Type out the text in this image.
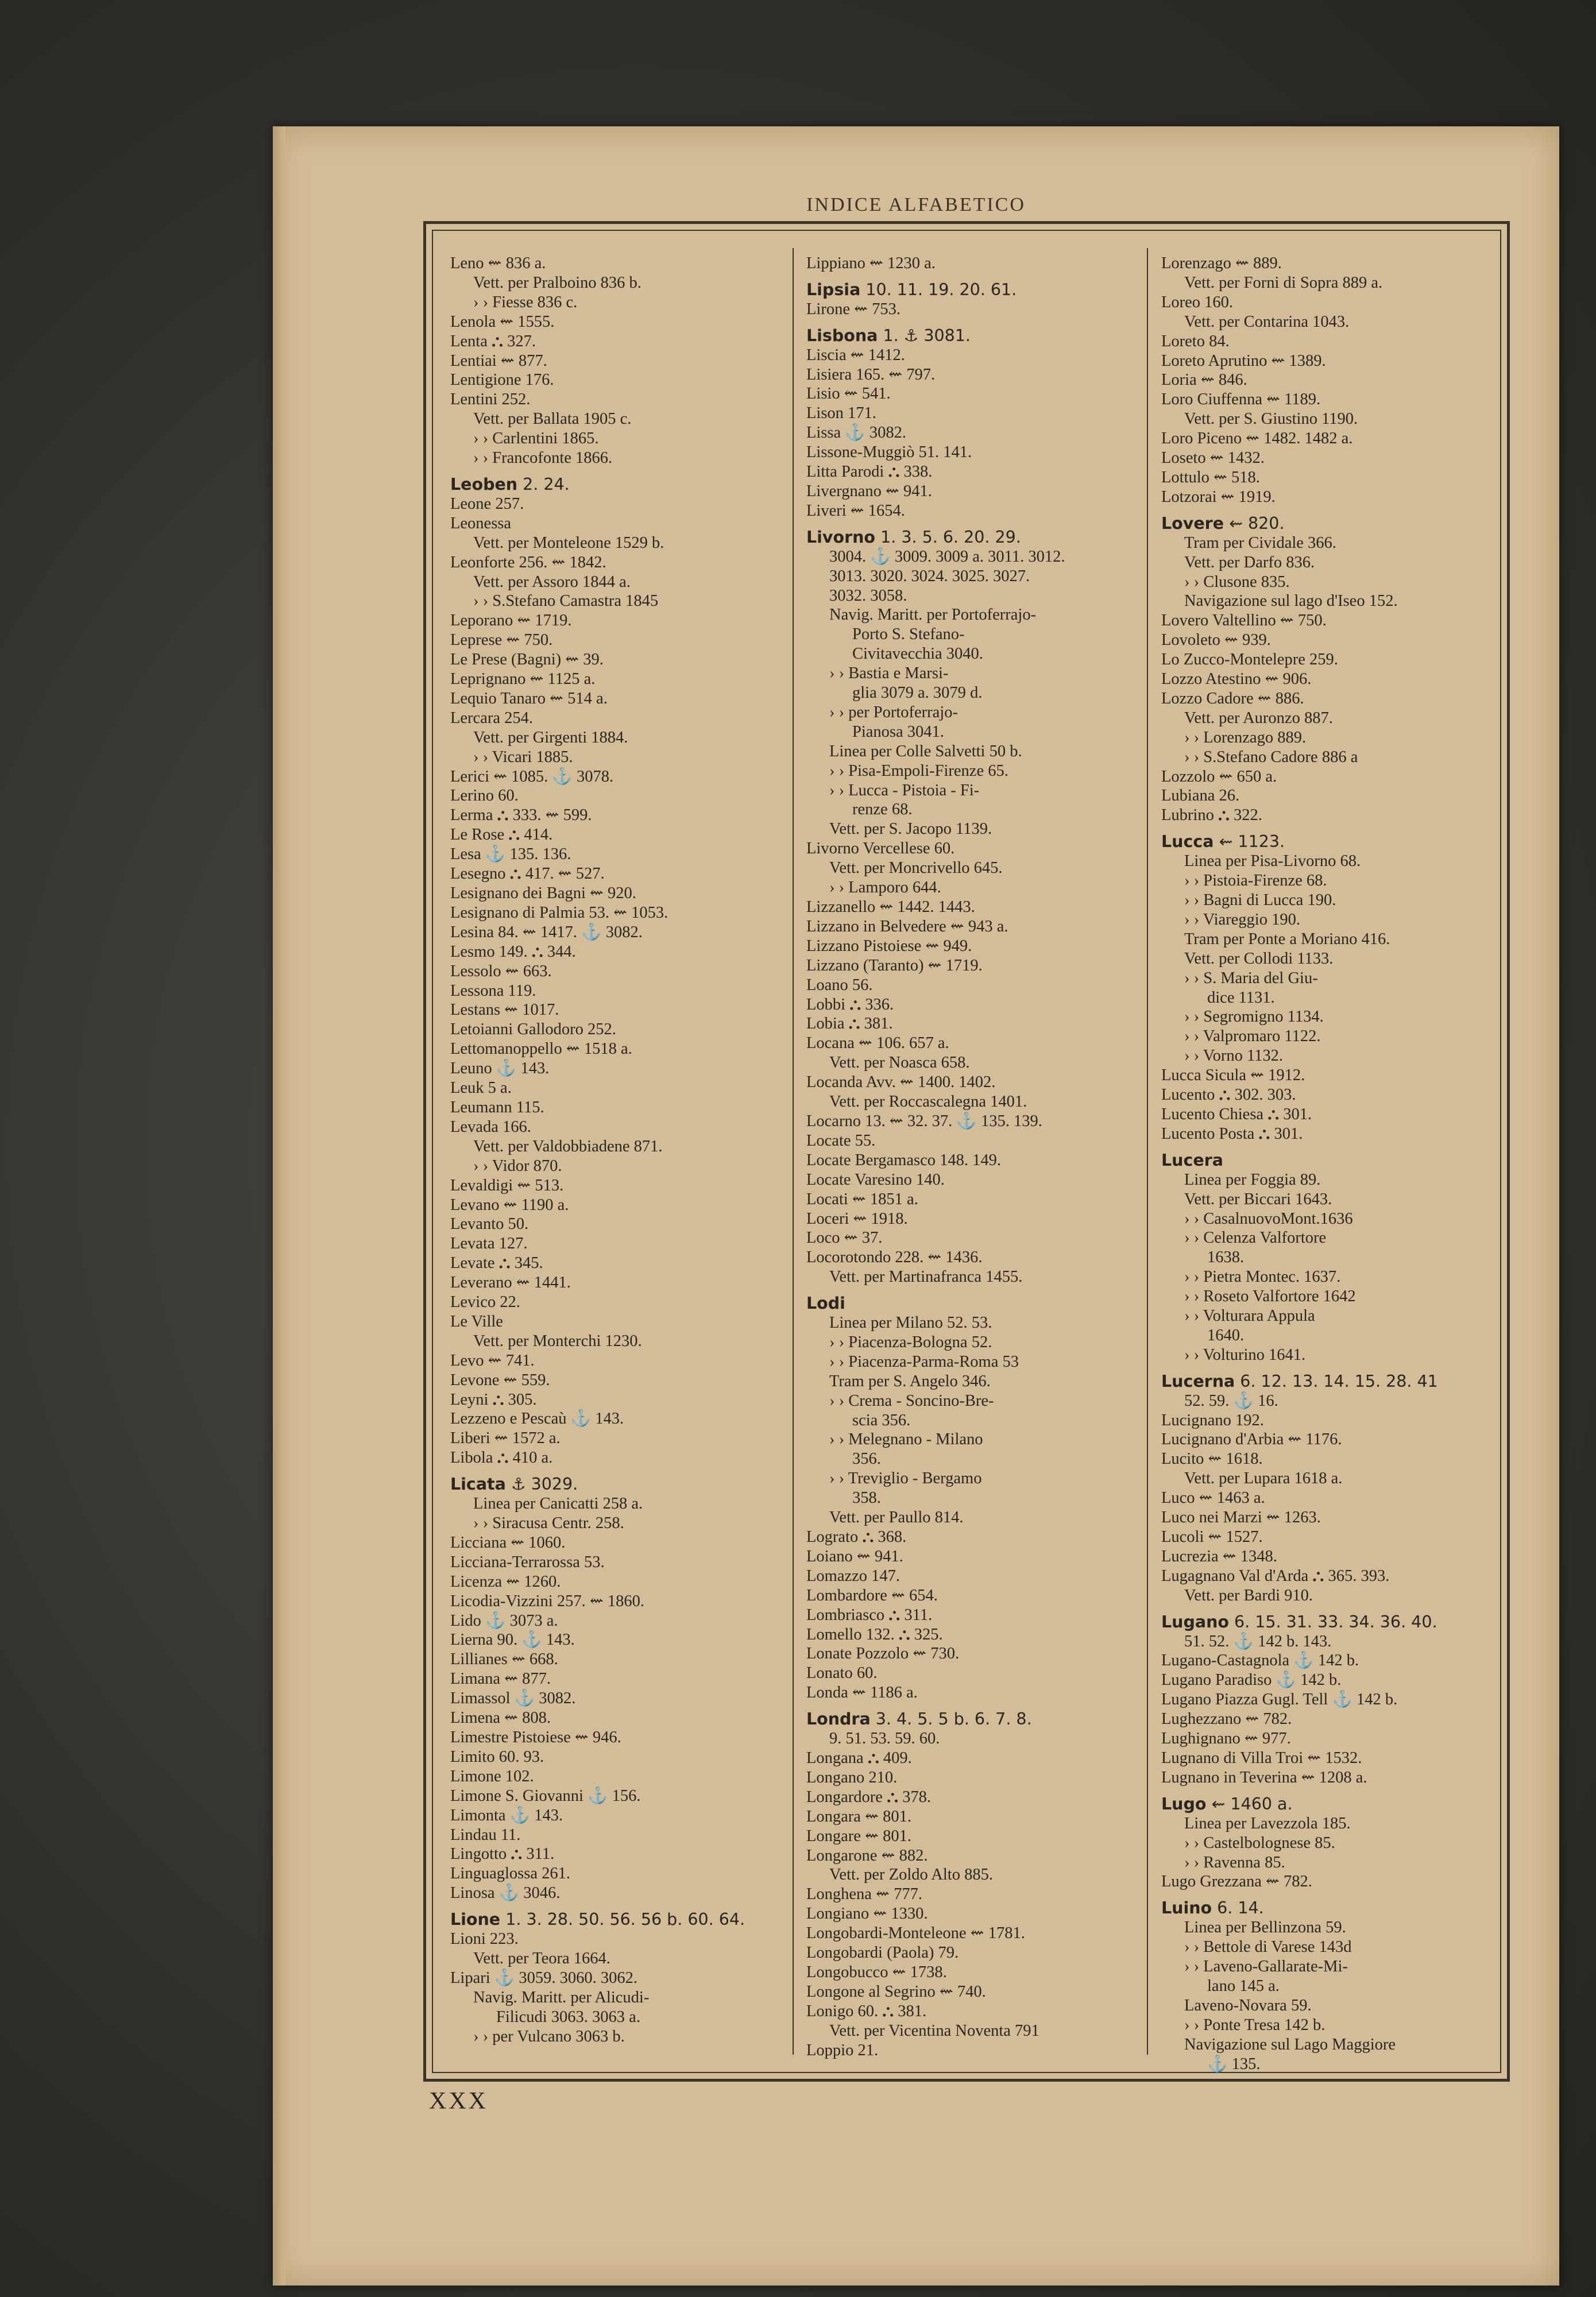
INDICE ALFABETICO
Leno ⇜ 836 a.
Vett. per Pralboino 836 b.
› › Fiesse 836 c.
Lenola ⇜ 1555.
Lenta ⛬ 327.
Lentiai ⇜ 877.
Lentigione 176.
Lentini 252.
Vett. per Ballata 1905 c.
› › Carlentini 1865.
› › Francofonte 1866.
Leoben 2. 24.
Leone 257.
Leonessa
Vett. per Monteleone 1529 b.
Leonforte 256. ⇜ 1842.
Vett. per Assoro 1844 a.
› › S.Stefano Camastra 1845
Leporano ⇜ 1719.
Leprese ⇜ 750.
Le Prese (Bagni) ⇜ 39.
Leprignano ⇜ 1125 a.
Lequio Tanaro ⇜ 514 a.
Lercara 254.
Vett. per Girgenti 1884.
› › Vicari 1885.
Lerici ⇜ 1085. ⚓ 3078.
Lerino 60.
Lerma ⛬ 333. ⇜ 599.
Le Rose ⛬ 414.
Lesa ⚓ 135. 136.
Lesegno ⛬ 417. ⇜ 527.
Lesignano dei Bagni ⇜ 920.
Lesignano di Palmia 53. ⇜ 1053.
Lesina 84. ⇜ 1417. ⚓ 3082.
Lesmo 149. ⛬ 344.
Lessolo ⇜ 663.
Lessona 119.
Lestans ⇜ 1017.
Letoianni Gallodoro 252.
Lettomanoppello ⇜ 1518 a.
Leuno ⚓ 143.
Leuk 5 a.
Leumann 115.
Levada 166.
Vett. per Valdobbiadene 871.
› › Vidor 870.
Levaldigi ⇜ 513.
Levano ⇜ 1190 a.
Levanto 50.
Levata 127.
Levate ⛬ 345.
Leverano ⇜ 1441.
Levico 22.
Le Ville
Vett. per Monterchi 1230.
Levo ⇜ 741.
Levone ⇜ 559.
Leyni ⛬ 305.
Lezzeno e Pescaù ⚓ 143.
Liberi ⇜ 1572 a.
Libola ⛬ 410 a.
Licata ⚓ 3029.
Linea per Canicatti 258 a.
› › Siracusa Centr. 258.
Licciana ⇜ 1060.
Licciana-Terrarossa 53.
Licenza ⇜ 1260.
Licodia-Vizzini 257. ⇜ 1860.
Lido ⚓ 3073 a.
Lierna 90. ⚓ 143.
Lillianes ⇜ 668.
Limana ⇜ 877.
Limassol ⚓ 3082.
Limena ⇜ 808.
Limestre Pistoiese ⇜ 946.
Limito 60. 93.
Limone 102.
Limone S. Giovanni ⚓ 156.
Limonta ⚓ 143.
Lindau 11.
Lingotto ⛬ 311.
Linguaglossa 261.
Linosa ⚓ 3046.
Lione 1. 3. 28. 50. 56. 56 b. 60. 64.
Lioni 223.
Vett. per Teora 1664.
Lipari ⚓ 3059. 3060. 3062.
Navig. Maritt. per Alicudi-
Filicudi 3063. 3063 a.
› › per Vulcano 3063 b.
Lippiano ⇜ 1230 a.
Lipsia 10. 11. 19. 20. 61.
Lirone ⇜ 753.
Lisbona 1. ⚓ 3081.
Liscia ⇜ 1412.
Lisiera 165. ⇜ 797.
Lisio ⇜ 541.
Lison 171.
Lissa ⚓ 3082.
Lissone-Muggiò 51. 141.
Litta Parodi ⛬ 338.
Livergnano ⇜ 941.
Liveri ⇜ 1654.
Livorno 1. 3. 5. 6. 20. 29.
3004. ⚓ 3009. 3009 a. 3011. 3012.
3013. 3020. 3024. 3025. 3027.
3032. 3058.
Navig. Maritt. per Portoferrajo-
Porto S. Stefano-
Civitavecchia 3040.
› › Bastia e Marsi-
glia 3079 a. 3079 d.
› › per Portoferrajo-
Pianosa 3041.
Linea per Colle Salvetti 50 b.
› › Pisa-Empoli-Firenze 65.
› › Lucca - Pistoia - Fi-
renze 68.
Vett. per S. Jacopo 1139.
Livorno Vercellese 60.
Vett. per Moncrivello 645.
› › Lamporo 644.
Lizzanello ⇜ 1442. 1443.
Lizzano in Belvedere ⇜ 943 a.
Lizzano Pistoiese ⇜ 949.
Lizzano (Taranto) ⇜ 1719.
Loano 56.
Lobbi ⛬ 336.
Lobia ⛬ 381.
Locana ⇜ 106. 657 a.
Vett. per Noasca 658.
Locanda Avv. ⇜ 1400. 1402.
Vett. per Roccascalegna 1401.
Locarno 13. ⇜ 32. 37. ⚓ 135. 139.
Locate 55.
Locate Bergamasco 148. 149.
Locate Varesino 140.
Locati ⇜ 1851 a.
Loceri ⇜ 1918.
Loco ⇜ 37.
Locorotondo 228. ⇜ 1436.
Vett. per Martinafranca 1455.
Lodi
Linea per Milano 52. 53.
› › Piacenza-Bologna 52.
› › Piacenza-Parma-Roma 53
Tram per S. Angelo 346.
› › Crema - Soncino-Bre-
scia 356.
› › Melegnano - Milano
356.
› › Treviglio - Bergamo
358.
Vett. per Paullo 814.
Lograto ⛬ 368.
Loiano ⇜ 941.
Lomazzo 147.
Lombardore ⇜ 654.
Lombriasco ⛬ 311.
Lomello 132. ⛬ 325.
Lonate Pozzolo ⇜ 730.
Lonato 60.
Londa ⇜ 1186 a.
Londra 3. 4. 5. 5 b. 6. 7. 8.
9. 51. 53. 59. 60.
Longana ⛬ 409.
Longano 210.
Longardore ⛬ 378.
Longara ⇜ 801.
Longare ⇜ 801.
Longarone ⇜ 882.
Vett. per Zoldo Alto 885.
Longhena ⇜ 777.
Longiano ⇜ 1330.
Longobardi-Monteleone ⇜ 1781.
Longobardi (Paola) 79.
Longobucco ⇜ 1738.
Longone al Segrino ⇜ 740.
Lonigo 60. ⛬ 381.
Vett. per Vicentina Noventa 791
Loppio 21.
Lorenzago ⇜ 889.
Vett. per Forni di Sopra 889 a.
Loreo 160.
Vett. per Contarina 1043.
Loreto 84.
Loreto Aprutino ⇜ 1389.
Loria ⇜ 846.
Loro Ciuffenna ⇜ 1189.
Vett. per S. Giustino 1190.
Loro Piceno ⇜ 1482. 1482 a.
Loseto ⇜ 1432.
Lottulo ⇜ 518.
Lotzorai ⇜ 1919.
Lovere ⇜ 820.
Tram per Cividale 366.
Vett. per Darfo 836.
› › Clusone 835.
Navigazione sul lago d'Iseo 152.
Lovero Valtellino ⇜ 750.
Lovoleto ⇜ 939.
Lo Zucco-Montelepre 259.
Lozzo Atestino ⇜ 906.
Lozzo Cadore ⇜ 886.
Vett. per Auronzo 887.
› › Lorenzago 889.
› › S.Stefano Cadore 886 a
Lozzolo ⇜ 650 a.
Lubiana 26.
Lubrino ⛬ 322.
Lucca ⇜ 1123.
Linea per Pisa-Livorno 68.
› › Pistoia-Firenze 68.
› › Bagni di Lucca 190.
› › Viareggio 190.
Tram per Ponte a Moriano 416.
Vett. per Collodi 1133.
› › S. Maria del Giu-
dice 1131.
› › Segromigno 1134.
› › Valpromaro 1122.
› › Vorno 1132.
Lucca Sicula ⇜ 1912.
Lucento ⛬ 302. 303.
Lucento Chiesa ⛬ 301.
Lucento Posta ⛬ 301.
Lucera
Linea per Foggia 89.
Vett. per Biccari 1643.
› › CasalnuovoMont.1636
› › Celenza Valfortore
1638.
› › Pietra Montec. 1637.
› › Roseto Valfortore 1642
› › Volturara Appula
1640.
› › Volturino 1641.
Lucerna 6. 12. 13. 14. 15. 28. 41
52. 59. ⚓ 16.
Lucignano 192.
Lucignano d'Arbia ⇜ 1176.
Lucito ⇜ 1618.
Vett. per Lupara 1618 a.
Luco ⇜ 1463 a.
Luco nei Marzi ⇜ 1263.
Lucoli ⇜ 1527.
Lucrezia ⇜ 1348.
Lugagnano Val d'Arda ⛬ 365. 393.
Vett. per Bardi 910.
Lugano 6. 15. 31. 33. 34. 36. 40.
51. 52. ⚓ 142 b. 143.
Lugano-Castagnola ⚓ 142 b.
Lugano Paradiso ⚓ 142 b.
Lugano Piazza Gugl. Tell ⚓ 142 b.
Lughezzano ⇜ 782.
Lughignano ⇜ 977.
Lugnano di Villa Troi ⇜ 1532.
Lugnano in Teverina ⇜ 1208 a.
Lugo ⇜ 1460 a.
Linea per Lavezzola 185.
› › Castelbolognese 85.
› › Ravenna 85.
Lugo Grezzana ⇜ 782.
Luino 6. 14.
Linea per Bellinzona 59.
› › Bettole di Varese 143d
› › Laveno-Gallarate-Mi-
lano 145 a.
Laveno-Novara 59.
› › Ponte Tresa 142 b.
Navigazione sul Lago Maggiore
⚓ 135.
XXX
